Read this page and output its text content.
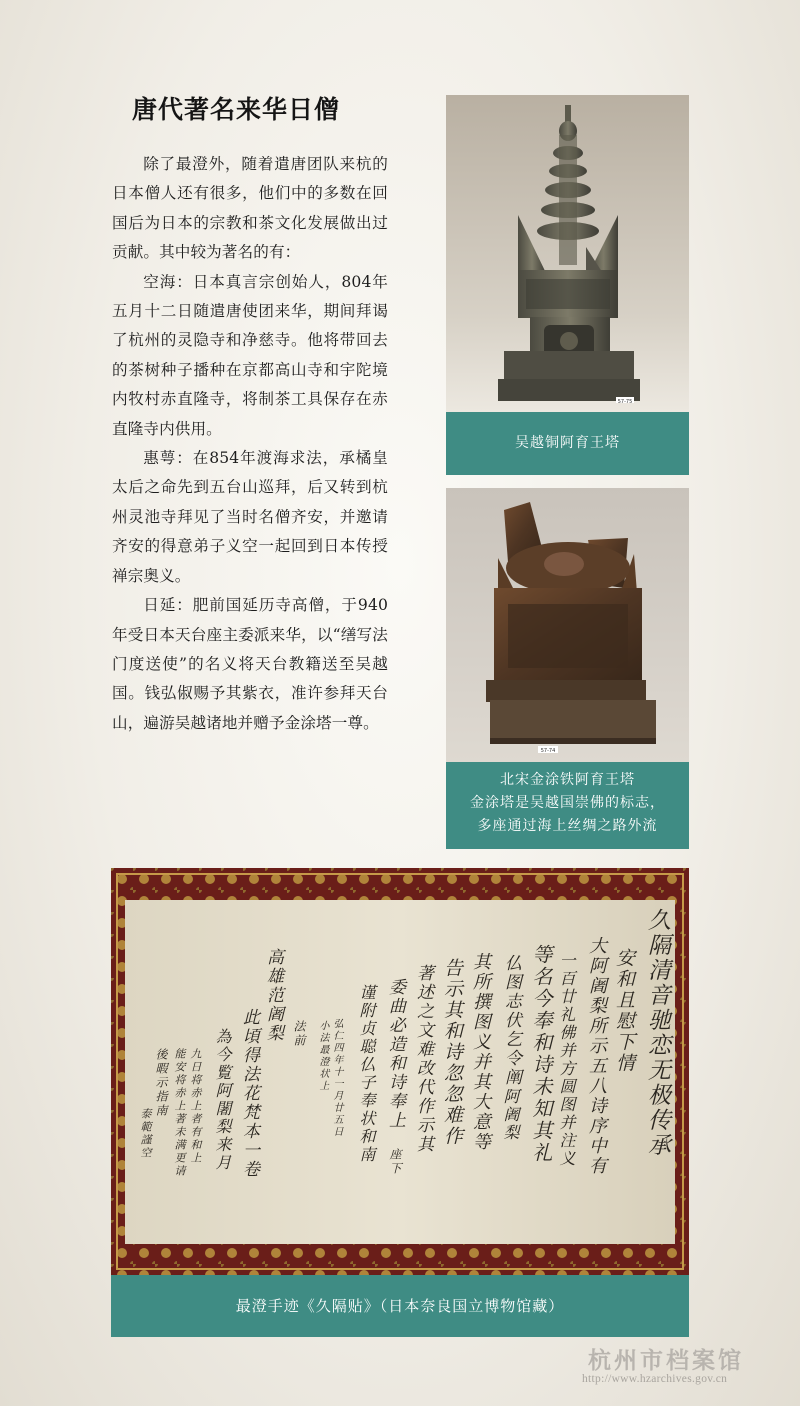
唐代著名来华日僧

除了最澄外，随着遣唐团队来杭的日本僧人还有很多，他们中的多数在回国后为日本的宗教和茶文化发展做出过贡献。其中较为著名的有：

空海：日本真言宗创始人，804年五月十二日随遣唐使团来华，期间拜谒了杭州的灵隐寺和净慈寺。他将带回去的茶树种子播种在京都高山寺和宇陀境内牧村赤直隆寺，将制茶工具保存在赤直隆寺内供用。

惠萼：在854年渡海求法，承橘皇太后之命先到五台山巡拜，后又转到杭州灵池寺拜见了当时名僧齐安，并邀请齐安的得意弟子义空一起回到日本传授禅宗奥义。

日延：肥前国延历寺高僧，于940年受日本天台座主委派来华，以“缮写法门度送使”的名义将天台教籍送至吴越国。钱弘俶赐予其紫衣，准许参拜天台山，遍游吴越诸地并赠予金涂塔一尊。

57-75
吴越铜阿育王塔
57-74
北宋金涂铁阿育王塔
金涂塔是吴越国崇佛的标志，
多座通过海上丝绸之路外流
久隔清音驰恋无极传承
安和且慰下情
大阿阇梨所示五八诗序中有
一百廿礼佛并方圆图并注义
等名今奉和诗未知其礼
仏图志伏乞令阐
阿阇梨
其所撰图义并其大意等
告示其和诗忽忽难作
著述之文难改代作示其
委曲必造和诗奉上
座下
谨附贞聪仏子奉状和南
弘仁四年十一月廿五日
小法最澄状上
高雄范阇梨 法前
此頃得法花梵本一卷
為今覧阿闍梨来月
九日将赤上者有和上
能安将赤上著未满更请
後暇示指南
泰範謹空
最澄手迹《久隔贴》（日本奈良国立博物馆藏）
杭州市档案馆
http://www.hzarchives.gov.cn
